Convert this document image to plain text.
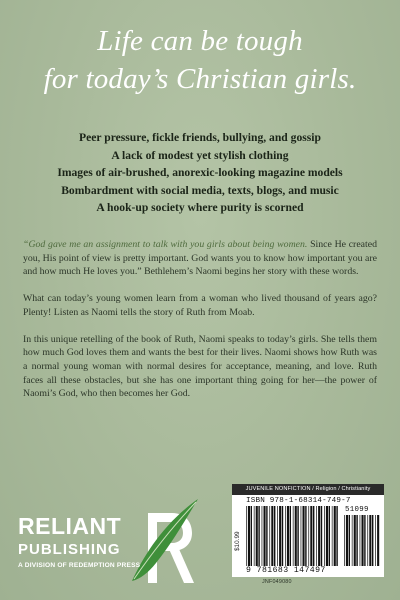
Life can be tough
for today’s Christian girls.
Peer pressure, fickle friends, bullying, and gossip
A lack of modest yet stylish clothing
Images of air-brushed, anorexic-looking magazine models
Bombardment with social media, texts, blogs, and music
A hook-up society where purity is scorned

“God gave me an assignment to talk with you girls about being women. Since He created you, His point of view is pretty important. God wants you to know how important you are and how much He loves you.” Bethlehem’s Naomi begins her story with these words.

What can today’s young women learn from a woman who lived thousand of years ago? Plenty! Listen as Naomi tells the story of Ruth from Moab.

In this unique retelling of the book of Ruth, Naomi speaks to today’s girls. She tells them how much God loves them and wants the best for their lives. Naomi shows how Ruth was a normal young woman with normal desires for acceptance, meaning, and love. Ruth faces all these obstacles, but she has one important thing going for her—the power of Naomi’s God, who then becomes her God.

RELIANT
PUBLISHING
A DIVISION OF REDEMPTION PRESS
JUVENILE NONFICTION / Religion / Christianity
$10.99
ISBN 978-1-68314-749-7
51099
9 781683 147497
JNF049080
